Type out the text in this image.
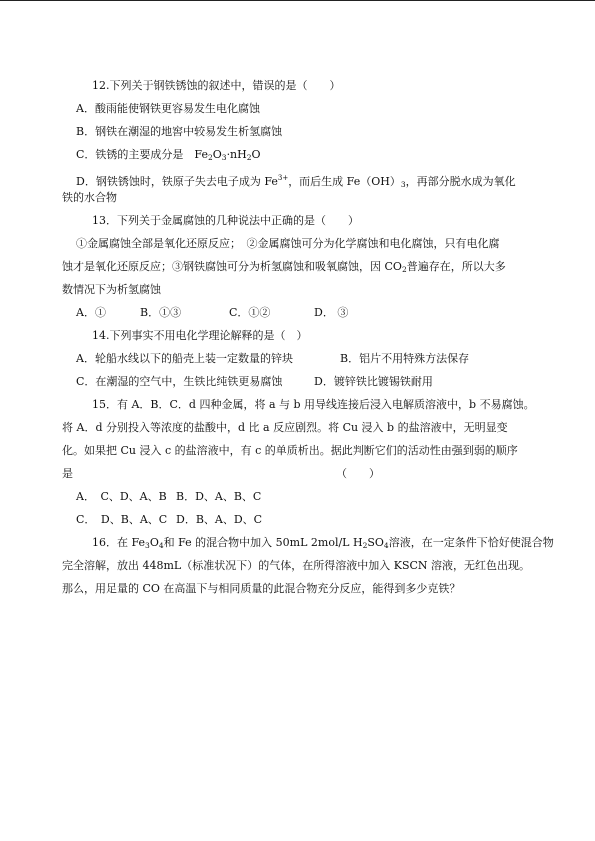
12.下列关于钢铁锈蚀的叙述中，错误的是（　　）
A．酸雨能使钢铁更容易发生电化腐蚀
B．钢铁在潮湿的地窖中较易发生析氢腐蚀
C．铁锈的主要成分是　$Fe_2O_3\cdot nH_2O$
D．钢铁锈蚀时，铁原子失去电子成为 $Fe^{3+}$，而后生成 $Fe(OH)_3$，再部分脱水成为氧化
铁的水合物
13．下列关于金属腐蚀的几种说法中正确的是（　　）
①金属腐蚀全部是氧化还原反应；　②金属腐蚀可分为化学腐蚀和电化腐蚀，只有电化腐
蚀才是氧化还原反应；③钢铁腐蚀可分为析氢腐蚀和吸氧腐蚀，因 $CO_2$普遍存在，所以大多
数情况下为析氢腐蚀
A．①	B．①③	C．①②	D． ③
14.下列事实不用电化学理论解释的是（　）
A．轮船水线以下的船壳上装一定数量的锌块	B．铝片不用特殊方法保存
C．在潮湿的空气中，生铁比纯铁更易腐蚀	D．镀锌铁比镀锡铁耐用
15．有 A．B．C．d 四种金属，将 a 与 b 用导线连接后浸入电解质溶液中，b 不易腐蚀。
将 A．d 分别投入等浓度的盐酸中，d 比 a 反应剧烈。将 Cu 浸入 b 的盐溶液中，无明显变
化。如果把 Cu 浸入 c 的盐溶液中，有 c 的单质析出。据此判断它们的活动性由强到弱的顺序
是	（　　）
A．　C、D、A、B B．D、A、B、C
C．　D、B、A、C D．B、A、D、C
16．在 $Fe_3O_4$和 Fe 的混合物中加入 50mL 2mol/L $H_2SO_4$溶液，在一定条件下恰好使混合物
完全溶解，放出 448mL（标准状况下）的气体，在所得溶液中加入 KSCN 溶液，无红色出现。
那么，用足量的 CO 在高温下与相同质量的此混合物充分反应，能得到多少克铁？
